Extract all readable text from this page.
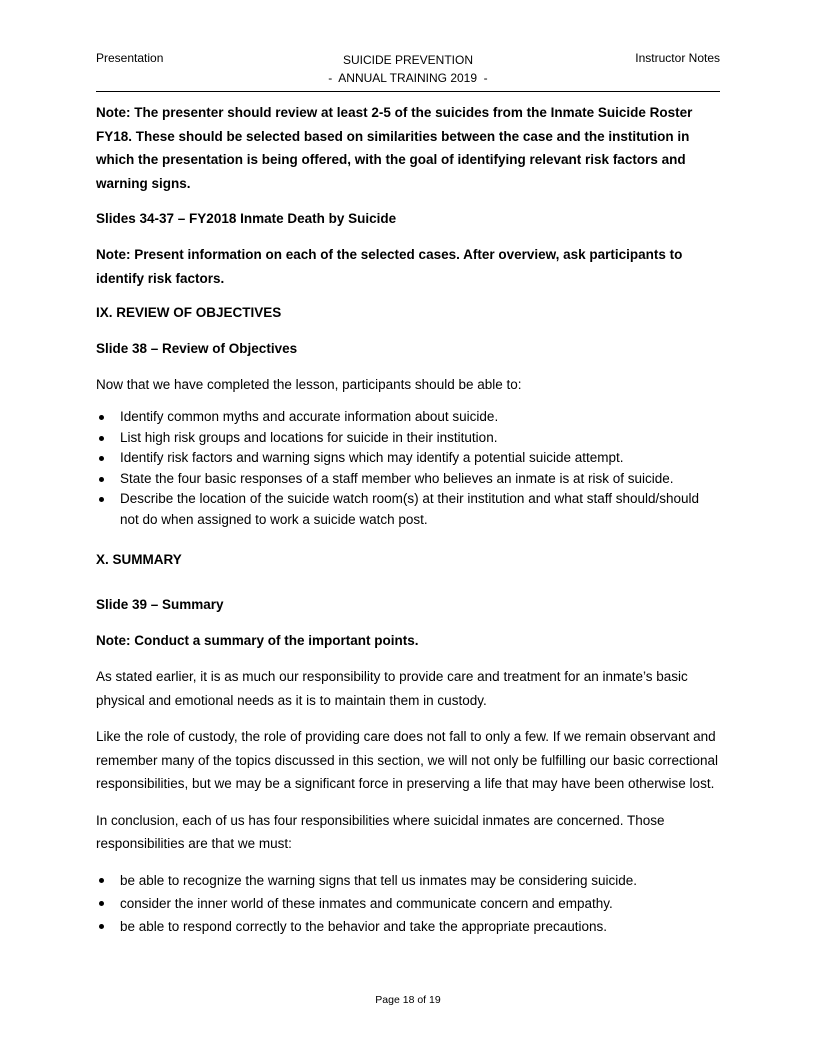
Presentation	SUICIDE PREVENTION
-  ANNUAL TRAINING 2019  -
Instructor Notes

Note: The presenter should review at least 2-5 of the suicides from the Inmate Suicide Roster FY18. These should be selected based on similarities between the case and the institution in which the presentation is being offered, with the goal of identifying relevant risk factors and warning signs.

Slides 34-37 – FY2018 Inmate Death by Suicide

Note: Present information on each of the selected cases. After overview, ask participants to identify risk factors.

IX. REVIEW OF OBJECTIVES

Slide 38 – Review of Objectives

Now that we have completed the lesson, participants should be able to:

Identify common myths and accurate information about suicide.
List high risk groups and locations for suicide in their institution.
Identify risk factors and warning signs which may identify a potential suicide attempt.
State the four basic responses of a staff member who believes an inmate is at risk of suicide.
Describe the location of the suicide watch room(s) at their institution and what staff should/should not do when assigned to work a suicide watch post.

X. SUMMARY

Slide 39 – Summary

Note: Conduct a summary of the important points.

As stated earlier, it is as much our responsibility to provide care and treatment for an inmate’s basic physical and emotional needs as it is to maintain them in custody.

Like the role of custody, the role of providing care does not fall to only a few. If we remain observant and remember many of the topics discussed in this section, we will not only be fulfilling our basic correctional responsibilities, but we may be a significant force in preserving a life that may have been otherwise lost.

In conclusion, each of us has four responsibilities where suicidal inmates are concerned. Those responsibilities are that we must:

be able to recognize the warning signs that tell us inmates may be considering suicide.
consider the inner world of these inmates and communicate concern and empathy.
be able to respond correctly to the behavior and take the appropriate precautions.
Page 18 of 19
